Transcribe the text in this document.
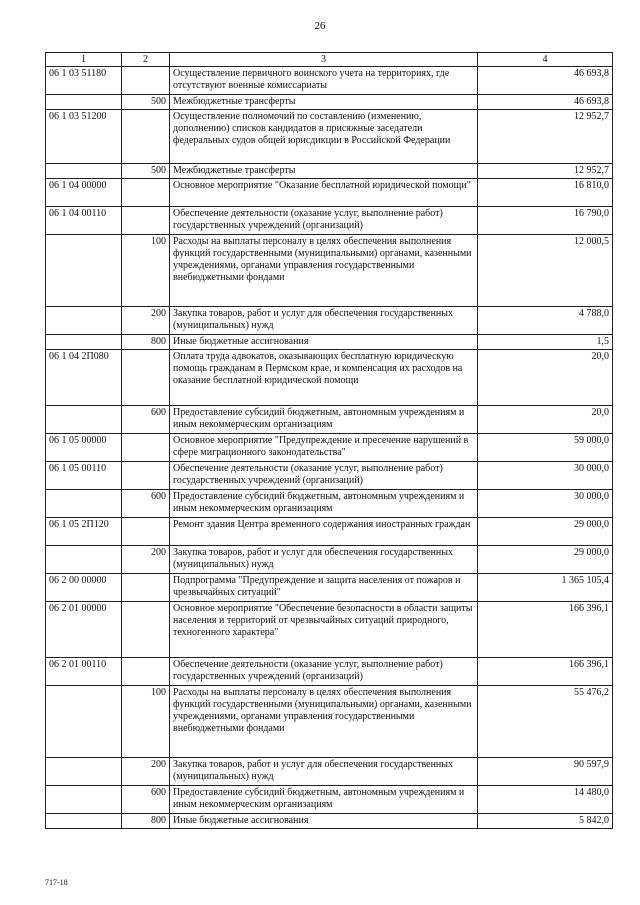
26
1	2	3	4
06 1 03 51180		Осуществление первичного воинского учета на территориях, где отсутствуют военные комиссариаты	46 693,8
	500	Межбюджетные трансферты	46 693,8
06 1 03 51200		Осуществление полномочий по составлению (изменению, дополнению) списков кандидатов в присяжные заседатели федеральных судов общей юрисдикции в Российской Федерации	12 952,7
	500	Межбюджетные трансферты	12 952,7
06 1 04 00000		Основное мероприятие "Оказание бесплатной юридической помощи"	16 810,0
06 1 04 00110		Обеспечение деятельности (оказание услуг, выполнение работ) государственных учреждений (организаций)	16 790,0
	100	Расходы на выплаты персоналу в целях обеспечения выполнения функций государственными (муниципальными) органами, казенными учреждениями, органами управления государственными внебюджетными фондами	12 000,5
	200	Закупка товаров, работ и услуг для обеспечения государственных (муниципальных) нужд	4 788,0
	800	Иные бюджетные ассигнования	1,5
06 1 04 2П080		Оплата труда адвокатов, оказывающих бесплатную юридическую помощь гражданам в Пермском крае, и компенсация их расходов на оказание бесплатной юридической помощи	20,0
	600	Предоставление субсидий бюджетным, автономным учреждениям и иным некоммерческим организациям	20,0
06 1 05 00000		Основное мероприятие "Предупреждение и пресечение нарушений в сфере миграционного законодательства"	59 000,0
06 1 05 00110		Обеспечение деятельности (оказание услуг, выполнение работ) государственных учреждений (организаций)	30 000,0
	600	Предоставление субсидий бюджетным, автономным учреждениям и иным некоммерческим организациям	30 000,0
06 1 05 2П120		Ремонт здания Центра временного содержания иностранных граждан	29 000,0
	200	Закупка товаров, работ и услуг для обеспечения государственных (муниципальных) нужд	29 000,0
06 2 00 00000		Подпрограмма "Предупреждение и защита населения от пожаров и чрезвычайных ситуаций"	1 365 105,4
06 2 01 00000		Основное мероприятие "Обеспечение безопасности в области защиты населения и территорий от чрезвычайных ситуаций природного, техногенного характера"	166 396,1
06 2 01 00110		Обеспечение деятельности (оказание услуг, выполнение работ) государственных учреждений (организаций)	166 396,1
	100	Расходы на выплаты персоналу в целях обеспечения выполнения функций государственными (муниципальными) органами, казенными учреждениями, органами управления государственными внебюджетными фондами	55 476,2
	200	Закупка товаров, работ и услуг для обеспечения государственных (муниципальных) нужд	90 597,9
	600	Предоставление субсидий бюджетным, автономным учреждениям и иным некоммерческим организациям	14 480,0
	800	Иные бюджетные ассигнования	5 842,0
717-18
